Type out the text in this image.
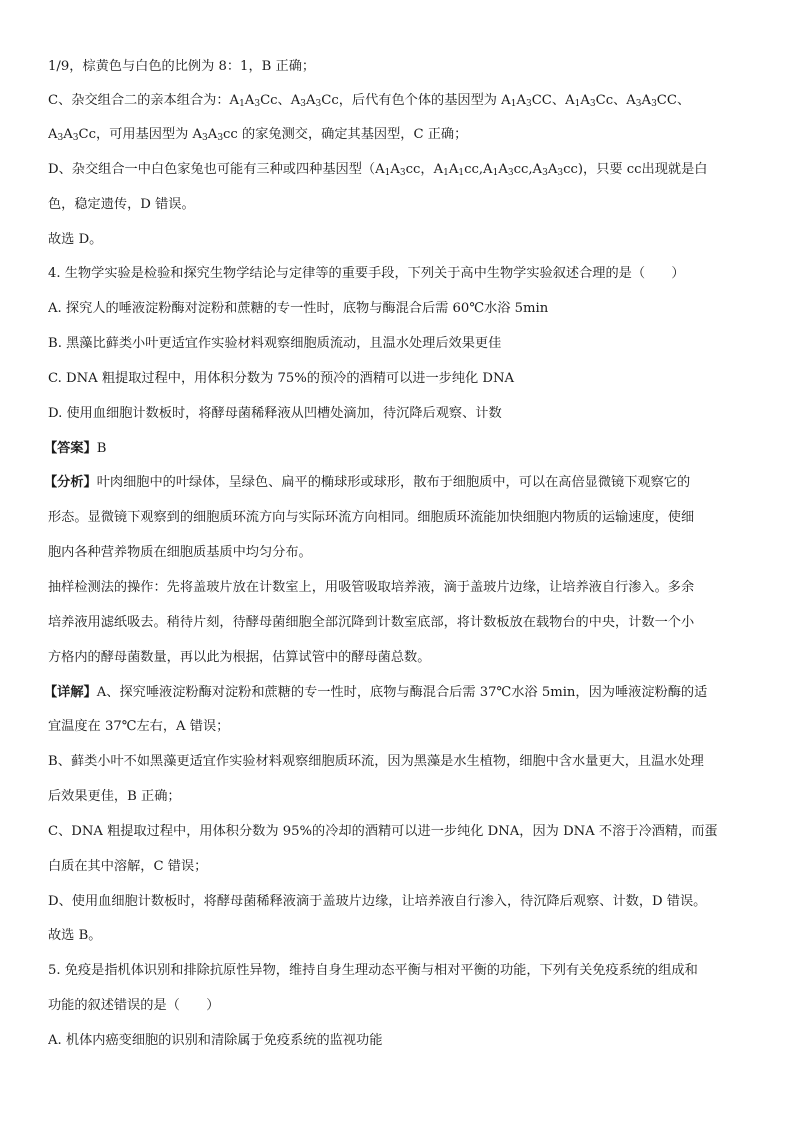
1/9，棕黄色与白色的比例为 8：1，B 正确；
C、杂交组合二的亲本组合为：$A_1A_3Cc$、$A_3A_3Cc$，后代有色个体的基因型为 $A_1A_3CC$、$A_1A_3Cc$、$A_3A_3CC$、
$A_3A_3Cc$，可用基因型为 $A_3A_3cc$ 的家兔测交，确定其基因型，C 正确；
D、杂交组合一中白色家兔也可能有三种或四种基因型（$A_1A_3cc$，$A_1A_1cc,A_1A_3cc,A_3A_3cc$)，只要 cc出现就是白
色，稳定遗传，D 错误。
故选 D。
4. 生物学实验是检验和探究生物学结论与定律等的重要手段，下列关于高中生物学实验叙述合理的是（　　）
A. 探究人的唾液淀粉酶对淀粉和蔗糖的专一性时，底物与酶混合后需 60℃水浴 5min
B. 黑藻比藓类小叶更适宜作实验材料观察细胞质流动，且温水处理后效果更佳
C. DNA 粗提取过程中，用体积分数为 75%的预冷的酒精可以进一步纯化 DNA
D. 使用血细胞计数板时，将酵母菌稀释液从凹槽处滴加，待沉降后观察、计数
【答案】B
【分析】叶肉细胞中的叶绿体，呈绿色、扁平的椭球形或球形，散布于细胞质中，可以在高倍显微镜下观察它的
形态。显微镜下观察到的细胞质环流方向与实际环流方向相同。细胞质环流能加快细胞内物质的运输速度，使细
胞内各种营养物质在细胞质基质中均匀分布。
抽样检测法的操作：先将盖玻片放在计数室上，用吸管吸取培养液，滴于盖玻片边缘，让培养液自行渗入。多余
培养液用滤纸吸去。稍待片刻，待酵母菌细胞全部沉降到计数室底部，将计数板放在载物台的中央，计数一个小
方格内的酵母菌数量，再以此为根据，估算试管中的酵母菌总数。
【详解】A、探究唾液淀粉酶对淀粉和蔗糖的专一性时，底物与酶混合后需 37℃水浴 5min，因为唾液淀粉酶的适
宜温度在 37℃左右，A 错误；
B、藓类小叶不如黑藻更适宜作实验材料观察细胞质环流，因为黑藻是水生植物，细胞中含水量更大，且温水处理
后效果更佳，B 正确；
C、DNA 粗提取过程中，用体积分数为 95%的冷却的酒精可以进一步纯化 DNA，因为 DNA 不溶于冷酒精，而蛋
白质在其中溶解，C 错误；
D、使用血细胞计数板时，将酵母菌稀释液滴于盖玻片边缘，让培养液自行渗入，待沉降后观察、计数，D 错误。
故选 B。
5. 免疫是指机体识别和排除抗原性异物，维持自身生理动态平衡与相对平衡的功能，下列有关免疫系统的组成和
功能的叙述错误的是（　　）
A. 机体内癌变细胞的识别和清除属于免疫系统的监视功能
